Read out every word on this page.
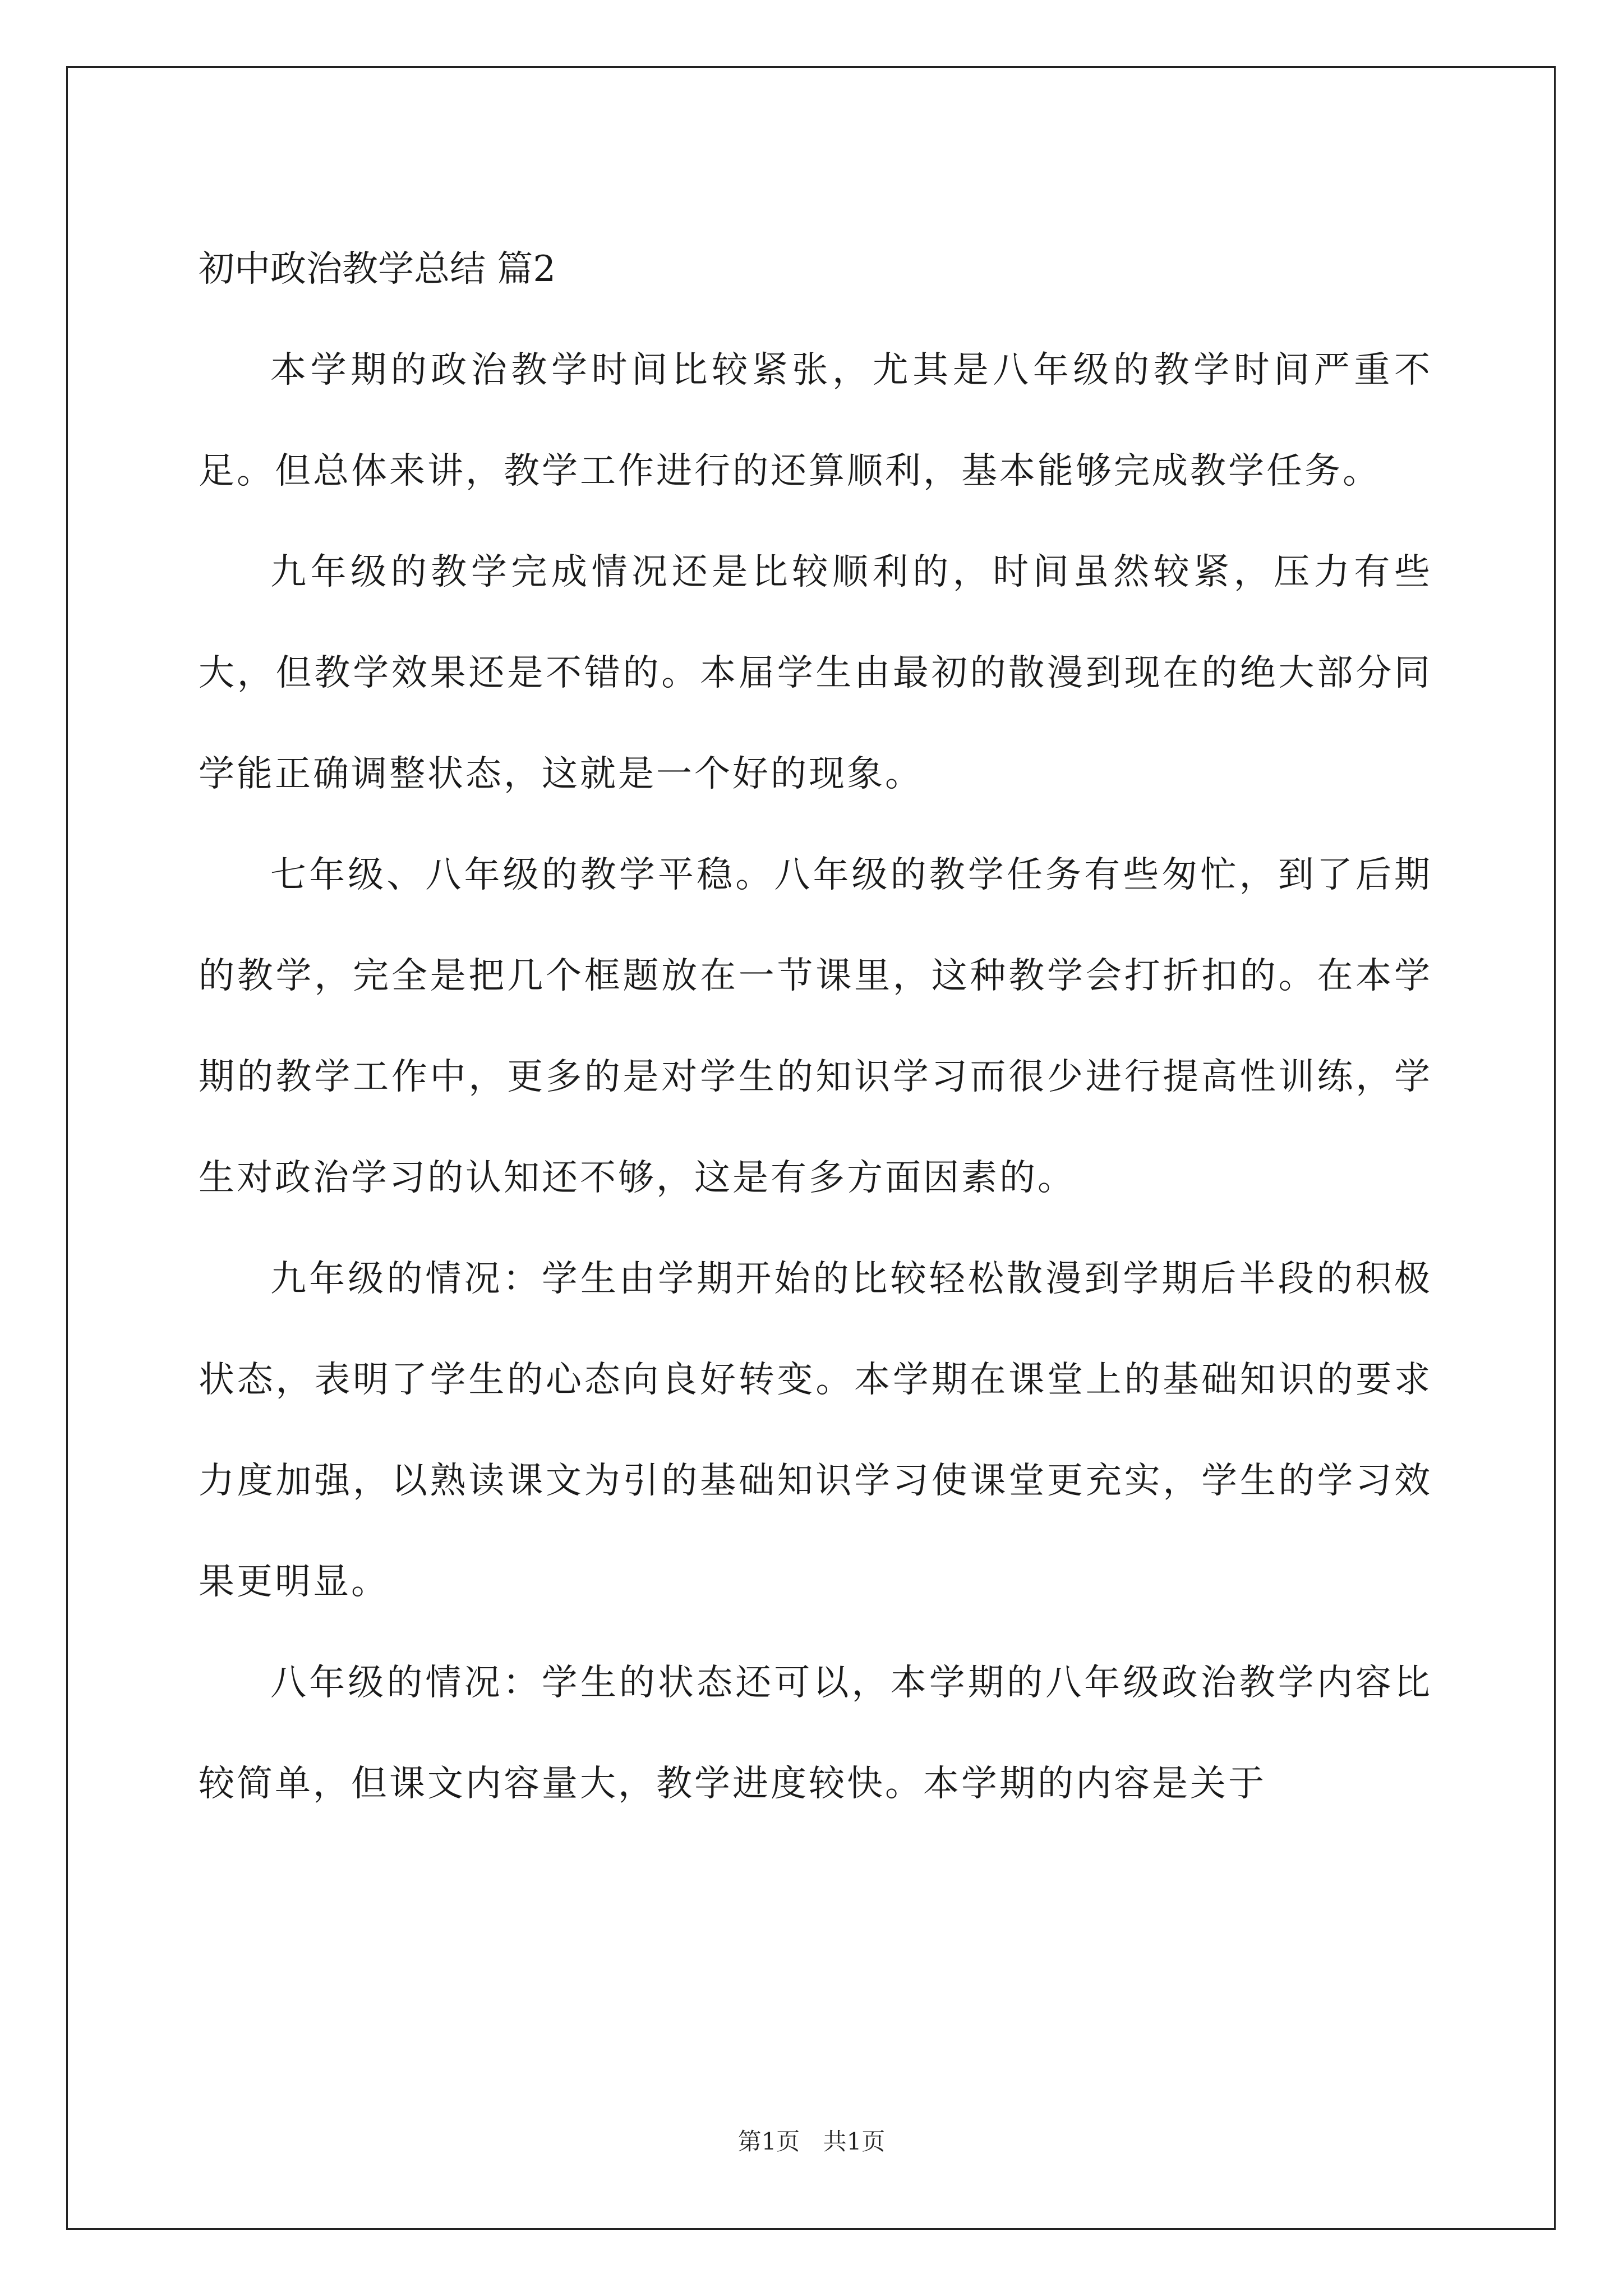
初中政治教学总结 篇2

本学期的政治教学时间比较紧张，尤其是八年级的教学时间严重不足。但总体来讲，教学工作进行的还算顺利，基本能够完成教学任务。

九年级的教学完成情况还是比较顺利的，时间虽然较紧，压力有些大，但教学效果还是不错的。本届学生由最初的散漫到现在的绝大部分同学能正确调整状态，这就是一个好的现象。

七年级、八年级的教学平稳。八年级的教学任务有些匆忙，到了后期的教学，完全是把几个框题放在一节课里，这种教学会打折扣的。在本学期的教学工作中，更多的是对学生的知识学习而很少进行提高性训练，学生对政治学习的认知还不够，这是有多方面因素的。

九年级的情况：学生由学期开始的比较轻松散漫到学期后半段的积极状态，表明了学生的心态向良好转变。本学期在课堂上的基础知识的要求力度加强，以熟读课文为引的基础知识学习使课堂更充实，学生的学习效果更明显。

八年级的情况：学生的状态还可以，本学期的八年级政治教学内容比较简单，但课文内容量大，教学进度较快。本学期的内容是关于

第1页 共1页
